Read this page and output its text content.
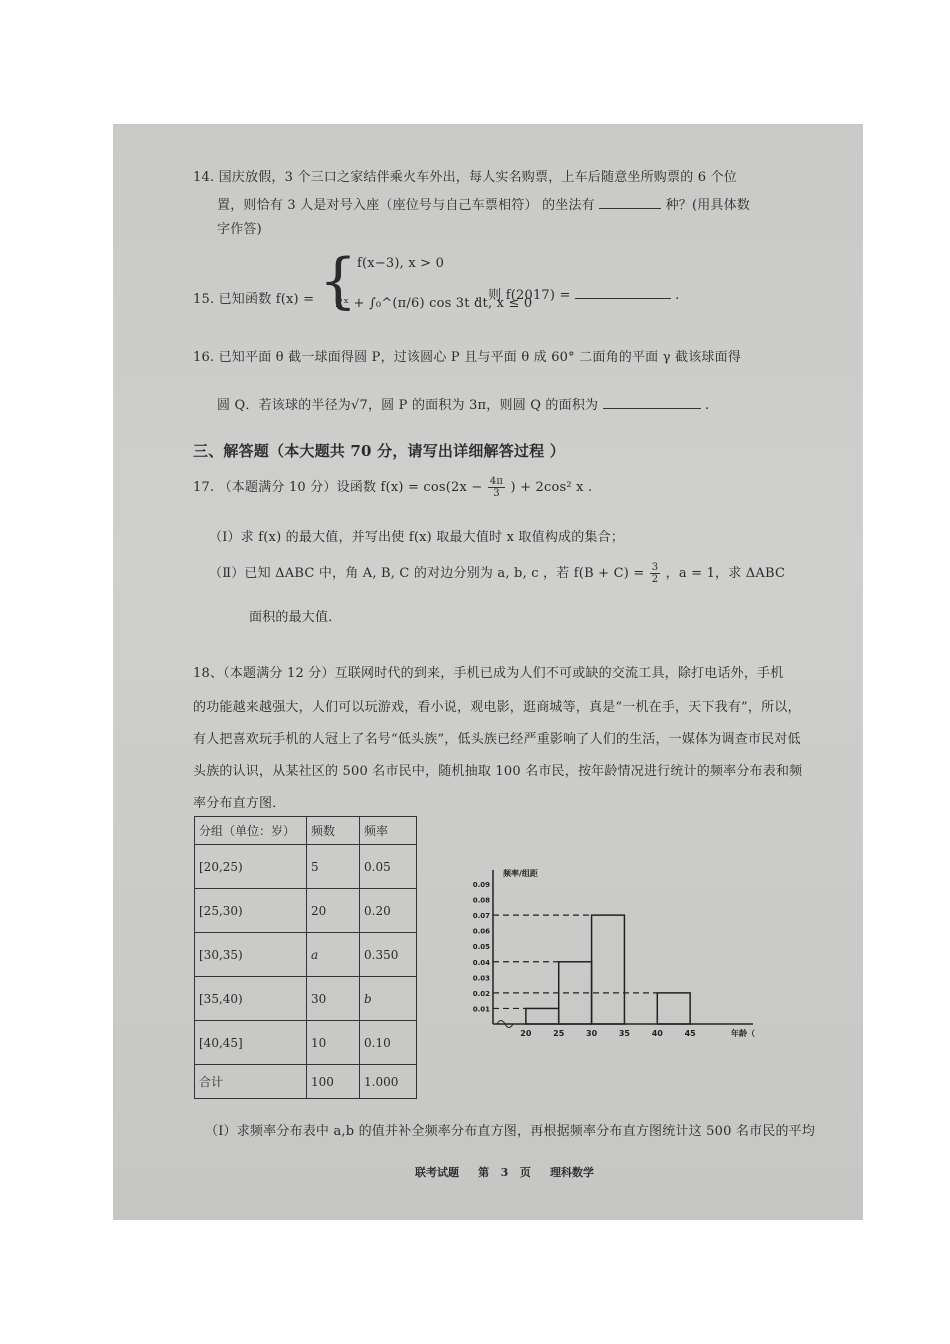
14. 国庆放假，3 个三口之家结伴乘火车外出，每人实名购票，上车后随意坐所购票的 6 个位
置，则恰有 3 人是对号入座（座位号与自己车票相符） 的坐法有	种？(用具体数
字作答)
15. 已知函数 f(x) = { f(x−3), x > 0
2ˣ + ∫₀^(π/6) cos 3t dt, x ≤ 0
，则 f(2017) =	.
16. 已知平面 θ 截一球面得圆 P，过该圆心 P 且与平面 θ 成 60° 二面角的平面 γ 截该球面得
圆 Q．若该球的半径为√7，圆 P 的面积为 3π，则圆 Q 的面积为	.
三、解答题（本大题共 70 分，请写出详细解答过程 ）
17. （本题满分 10 分）设函数 $f(x) = \cos(2x - \frac{4\pi}{3}$ ) + 2cos² x .
（Ⅰ）求 f(x) 的最大值，并写出使 f(x) 取最大值时 x 取值构成的集合；
（Ⅱ）已知 ΔABC 中，角 A, B, C 的对边分别为 a, b, c ，若 $f(B + C) = \frac{3}{2}$ ，a = 1，求 ΔABC
面积的最大值．
18、（本题满分 12 分）互联网时代的到来，手机已成为人们不可或缺的交流工具，除打电话外，手机
的功能越来越强大，人们可以玩游戏，看小说，观电影，逛商城等，真是“一机在手，天下我有”，所以，
有人把喜欢玩手机的人冠上了名号“低头族”，低头族已经严重影响了人们的生活，一媒体为调查市民对低
头族的认识，从某社区的 500 名市民中，随机抽取 100 名市民，按年龄情况进行统计的频率分布表和频
率分布直方图．
分组（单位：岁）	频数	频率
[20,25)	5	0.05
[25,30)	20	0.20
[30,35)	a	0.350
[35,40)	30	b
[40,45]	10	0.10
合计	100	1.000
频率/组距
0.01
0.02
0.03
0.04
0.05
0.06
0.07
0.08
0.09
20	25	30	35	40	45	年龄（
（Ⅰ）求频率分布表中 a,b 的值并补全频率分布直方图，再根据频率分布直方图统计这 500 名市民的平均
联考试题 第 3 页 理科数学
